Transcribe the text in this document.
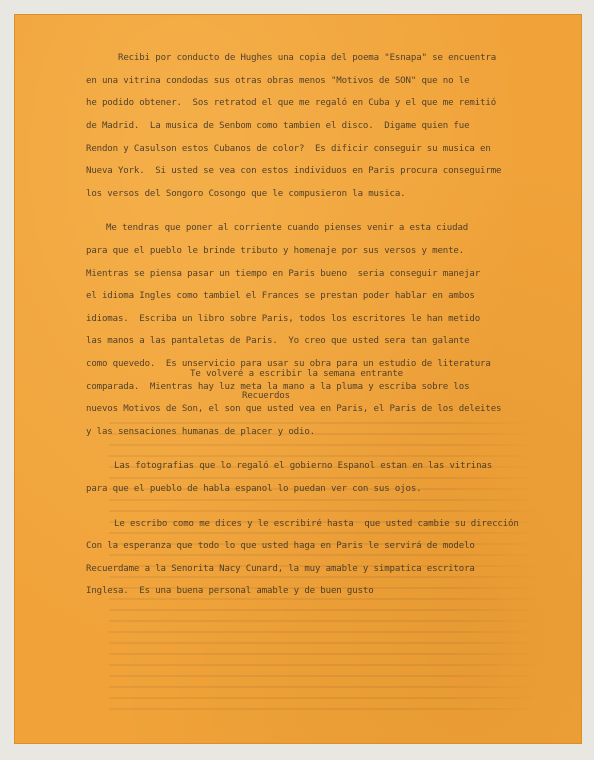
Recibi por conducto de Hughes una copia del poema "Esnapa" se encuentra

en una vitrina condodas sus otras obras menos "Motivos de SON" que no le

he podido obtener.  Sos retratod el que me regaló en Cuba y el que me remitió

de Madrid.  La musica de Senbom como tambien el disco.  Digame quien fue

Rendon y Casulson estos Cubanos de color?  Es dificir conseguir su musica en

Nueva York.  Si usted se vea con estos individuos en Paris procura conseguirme

los versos del Songoro Cosongo que le compusieron la musica.

Me tendras que poner al corriente cuando pienses venir a esta ciudad

para que el pueblo le brinde tributo y homenaje por sus versos y mente.

Mientras se piensa pasar un tiempo en Paris bueno  seria conseguir manejar

el idioma Ingles como tambiel el Frances se prestan poder hablar en ambos

idiomas.  Escriba un libro sobre Paris, todos los escritores le han metido

las manos a las pantaletas de Paris.  Yo creo que usted sera tan galante

como quevedo.  Es unservicio para usar su obra para un estudio de literatura

comparada.  Mientras hay luz meta la mano a la pluma y escriba sobre los

nuevos Motivos de Son, el son que usted vea en Paris, el Paris de los deleites

y las sensaciones humanas de placer y odio.

Las fotografias que lo regaló el gobierno Espanol estan en las vitrinas

para que el pueblo de habla espanol lo puedan ver con sus ojos.

Le escribo como me dices y le escribiré hasta  que usted cambie su dirección

Con la esperanza que todo lo que usted haga en Paris le servirá de modelo

Recuerdame a la Senorita Nacy Cunard, la muy amable y simpatica escritora

Inglesa.  Es una buena personal amable y de buen gusto

Te volveré a escribir la semana entrante
Recuerdos
